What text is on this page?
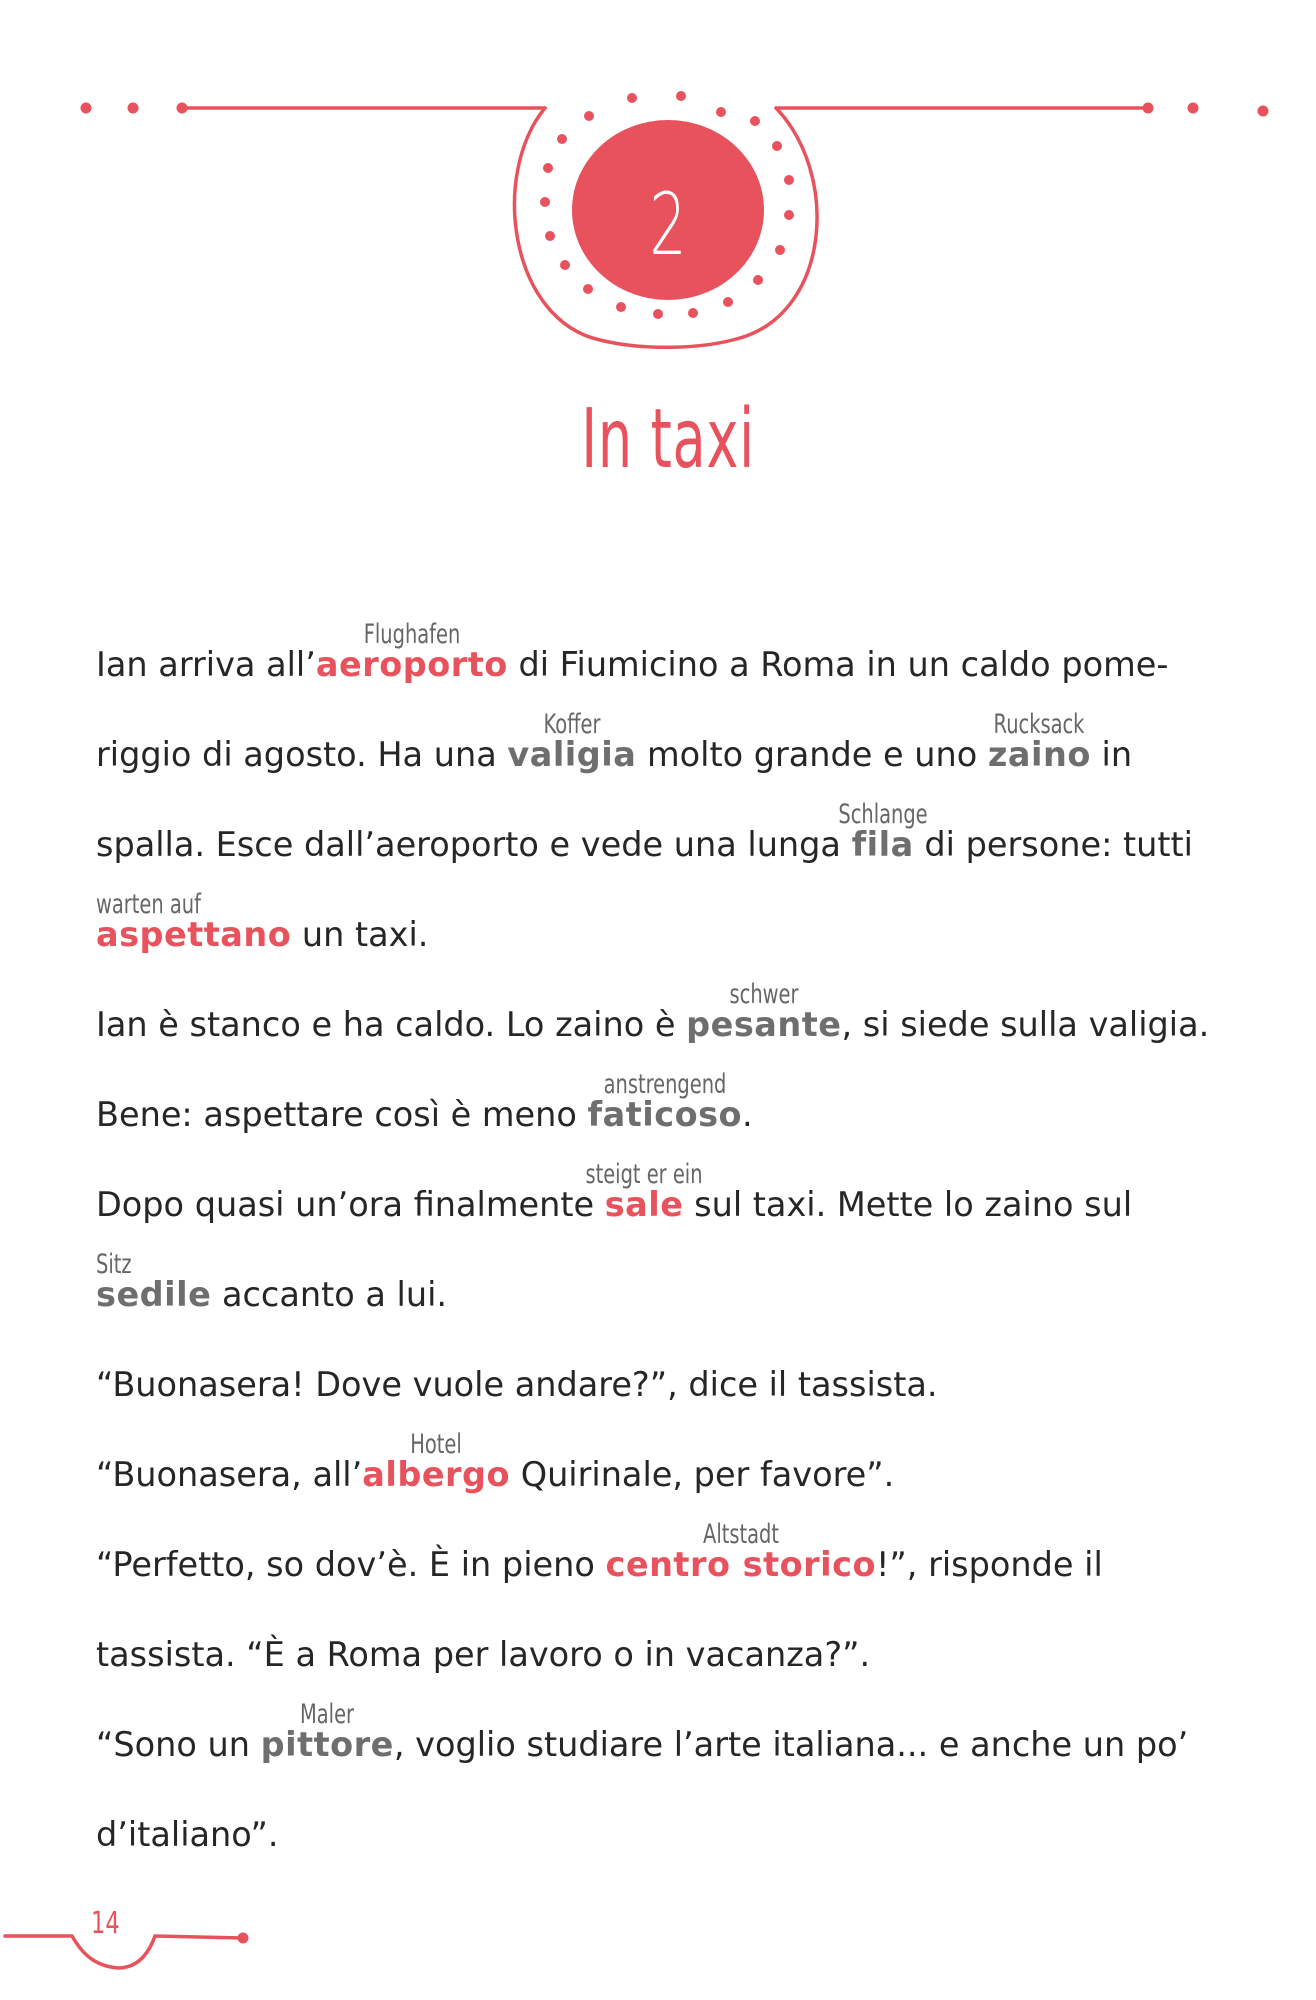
2
In taxi

Ian arriva all’
Flughafen
aeroporto di Fiumicino a Roma in un caldo pome-riggio di agosto. Ha una
Koffer
valigia molto grande e uno
Rucksack
zaino in spalla. Esce dall’aeroporto e vede una lunga
Schlange
fila di persone: tutti
warten auf
aspettano un taxi.

Ian è stanco e ha caldo. Lo zaino è
schwer
pesante, si siede sulla valigia.

Bene: aspettare così è meno
anstrengend
faticoso.

Dopo quasi un’ora finalmente
steigt er ein
sale sul taxi. Mette lo zaino sul
Sitz
sedile accanto a lui.

“Buonasera! Dove vuole andare?”, dice il tassista.

“Buonasera, all’
Hotel
albergo Quirinale, per favore”.

“Perfetto, so dov’è. È in pieno
Altstadt
centro storico!”, risponde il tassista. “È a Roma per lavoro o in vacanza?”.

“Sono un
Maler
pittore, voglio studiare l’arte italiana... e anche un po’ d’italiano”.

14
